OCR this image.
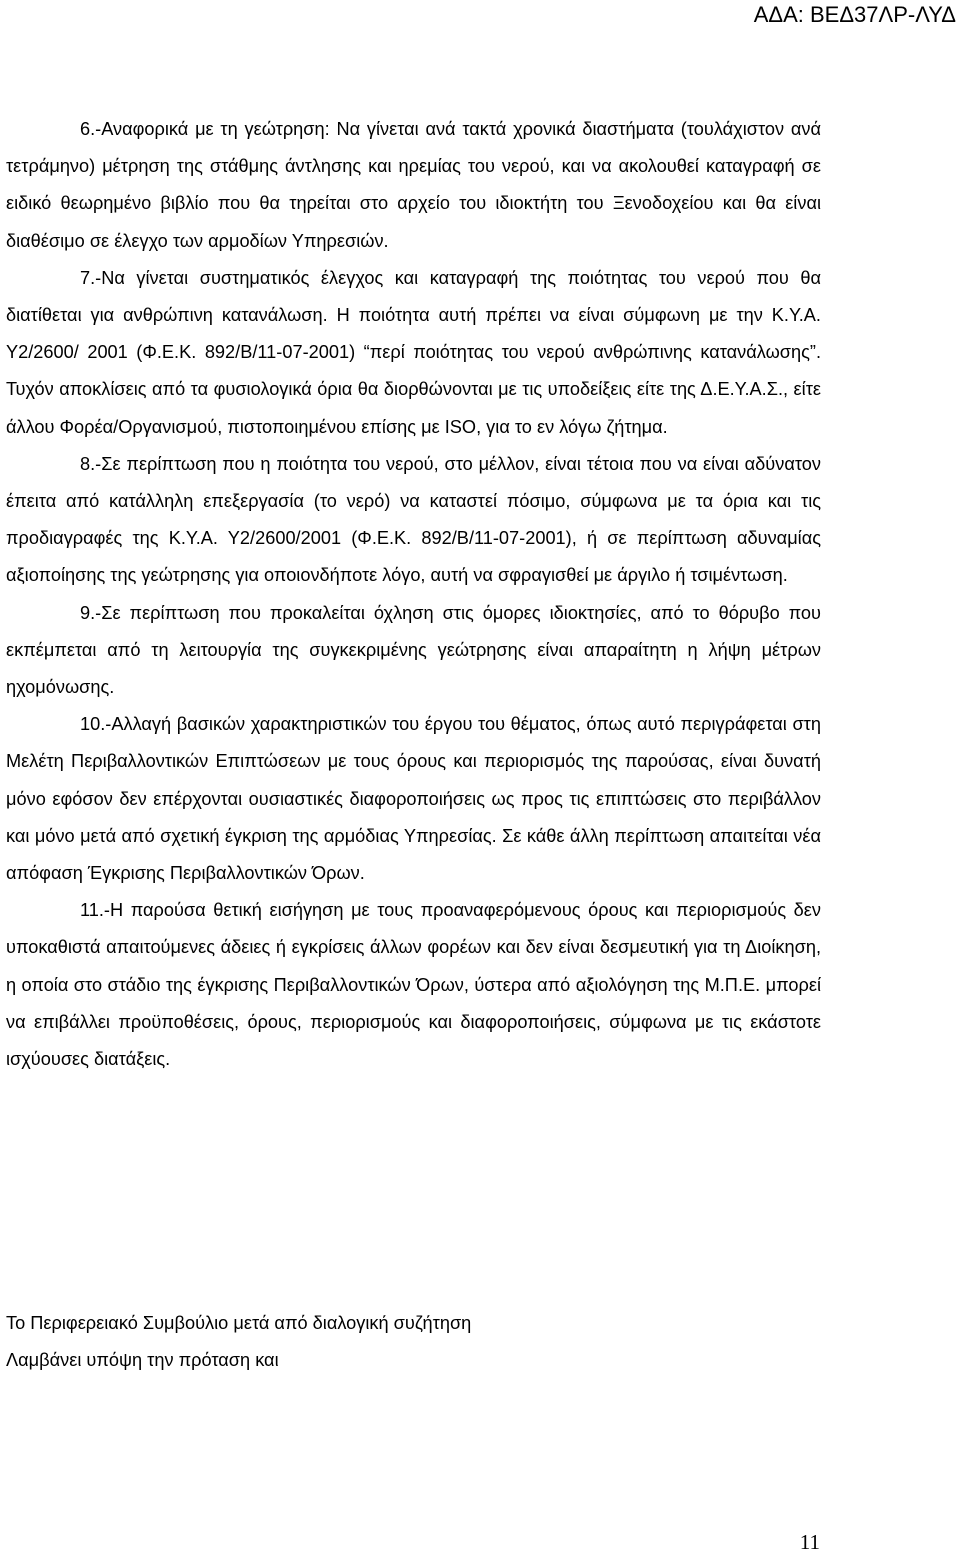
ΑΔΑ: ΒΕΔ37ΛΡ-ΛΥΔ

6.-Αναφορικά με τη γεώτρηση: Να γίνεται ανά τακτά χρονικά διαστήματα (τουλάχιστον ανά τετράμηνο) μέτρηση της στάθμης άντλησης και ηρεμίας του νερού, και να ακολουθεί καταγραφή σε ειδικό θεωρημένο βιβλίο που θα τηρείται στο αρχείο του ιδιοκτήτη του Ξενοδοχείου και θα είναι διαθέσιμο σε έλεγχο των αρμοδίων Υπηρεσιών.

7.-Να γίνεται συστηματικός έλεγχος και καταγραφή της ποιότητας του νερού που θα διατίθεται για ανθρώπινη κατανάλωση. Η ποιότητα αυτή πρέπει να είναι σύμφωνη με την Κ.Υ.Α. Υ2/2600/ 2001 (Φ.Ε.Κ. 892/Β/11-07-2001) “περί ποιότητας του νερού ανθρώπινης κατανάλωσης”. Τυχόν αποκλίσεις από τα φυσιολογικά όρια θα διορθώνονται με τις υποδείξεις είτε της Δ.Ε.Υ.Α.Σ., είτε άλλου Φορέα/Οργανισμού, πιστοποιημένου επίσης με ISO, για το εν λόγω ζήτημα.

8.-Σε περίπτωση που η ποιότητα του νερού, στο μέλλον, είναι τέτοια που να είναι αδύνατον έπειτα από κατάλληλη επεξεργασία (το νερό) να καταστεί πόσιμο, σύμφωνα με τα όρια και τις προδιαγραφές της Κ.Υ.Α. Υ2/2600/2001 (Φ.Ε.Κ. 892/Β/11-07-2001), ή σε περίπτωση αδυναμίας αξιοποίησης της γεώτρησης για οποιονδήποτε λόγο, αυτή να σφραγισθεί με άργιλο ή τσιμέντωση.

9.-Σε περίπτωση που προκαλείται όχληση στις όμορες ιδιοκτησίες, από το θόρυβο που εκπέμπεται από τη λειτουργία της συγκεκριμένης γεώτρησης είναι απαραίτητη η λήψη μέτρων ηχομόνωσης.

10.-Αλλαγή βασικών χαρακτηριστικών του έργου του θέματος, όπως αυτό περιγράφεται στη Μελέτη Περιβαλλοντικών Επιπτώσεων με τους όρους και περιορισμός της παρούσας, είναι δυνατή μόνο εφόσον δεν επέρχονται ουσιαστικές διαφοροποιήσεις ως προς τις επιπτώσεις στο περιβάλλον και μόνο μετά από σχετική έγκριση της αρμόδιας Υπηρεσίας. Σε κάθε άλλη περίπτωση απαιτείται νέα απόφαση Έγκρισης Περιβαλλοντικών Όρων.

11.-Η παρούσα θετική εισήγηση με τους προαναφερόμενους όρους και περιορισμούς δεν υποκαθιστά απαιτούμενες άδειες ή εγκρίσεις άλλων φορέων και δεν είναι δεσμευτική για τη Διοίκηση, η οποία στο στάδιο της έγκρισης Περιβαλλοντικών Όρων, ύστερα από αξιολόγηση της Μ.Π.Ε. μπορεί να επιβάλλει προϋποθέσεις, όρους, περιορισμούς και διαφοροποιήσεις, σύμφωνα με τις εκάστοτε ισχύουσες διατάξεις.

Το Περιφερειακό Συμβούλιο μετά από διαλογική συζήτηση

Λαμβάνει υπόψη την πρόταση και

11
